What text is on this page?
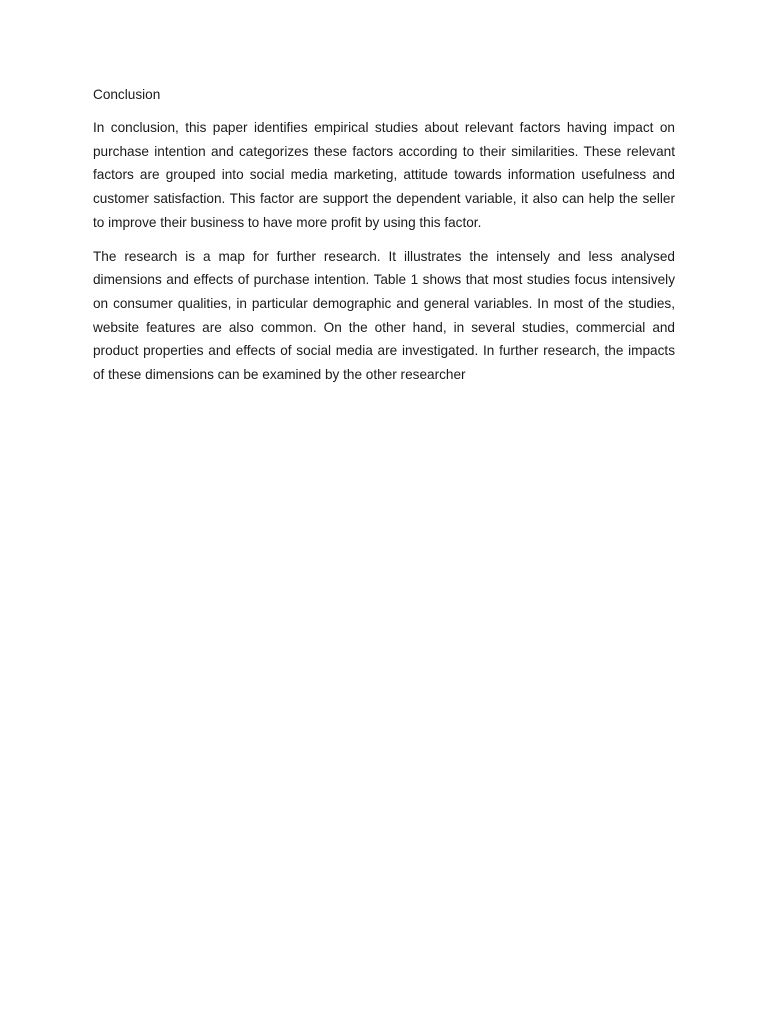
Conclusion

In conclusion, this paper identifies empirical studies about relevant factors having impact on purchase intention and categorizes these factors according to their similarities. These relevant factors are grouped into social media marketing, attitude towards information usefulness and customer satisfaction. This factor are support the dependent variable, it also can help the seller to improve their business to have more profit by using this factor.

The research is a map for further research. It illustrates the intensely and less analysed dimensions and effects of purchase intention. Table 1 shows that most studies focus intensively on consumer qualities, in particular demographic and general variables. In most of the studies, website features are also common. On the other hand, in several studies, commercial and product properties and effects of social media are investigated. In further research, the impacts of these dimensions can be examined by the other researcher
